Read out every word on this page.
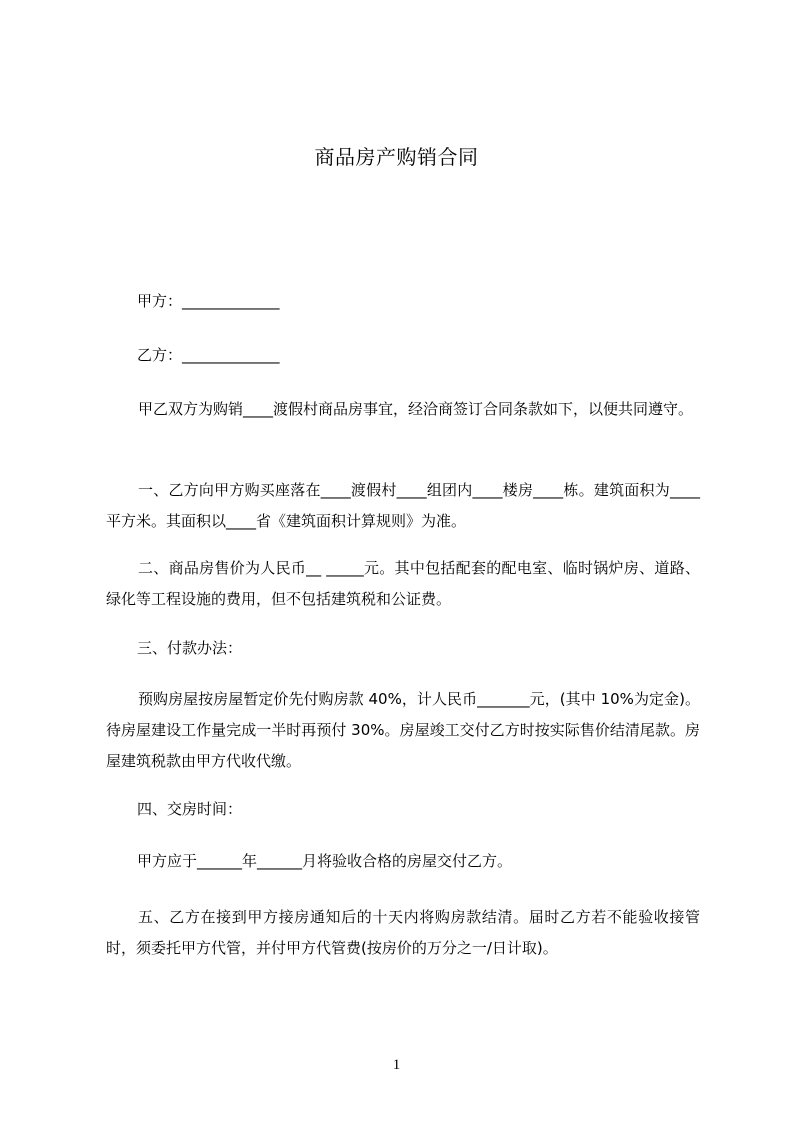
商品房产购销合同
甲方：_____________
乙方：_____________
甲乙双方为购销____渡假村商品房事宜，经洽商签订合同条款如下，以便共同遵守。
一、乙方向甲方购买座落在____渡假村____组团内____楼房____栋。建筑面积为____平方米。其面积以____省《建筑面积计算规则》为准。
二、商品房售价为人民币__ _____元。其中包括配套的配电室、临时锅炉房、道路、绿化等工程设施的费用，但不包括建筑税和公证费。
三、付款办法：
预购房屋按房屋暂定价先付购房款 40%，计人民币_______元，(其中 10%为定金)。待房屋建设工作量完成一半时再预付 30%。房屋竣工交付乙方时按实际售价结清尾款。房屋建筑税款由甲方代收代缴。
四、交房时间：
甲方应于______年______月将验收合格的房屋交付乙方。
五、乙方在接到甲方接房通知后的十天内将购房款结清。届时乙方若不能验收接管时，须委托甲方代管，并付甲方代管费(按房价的万分之一/日计取)。
1
